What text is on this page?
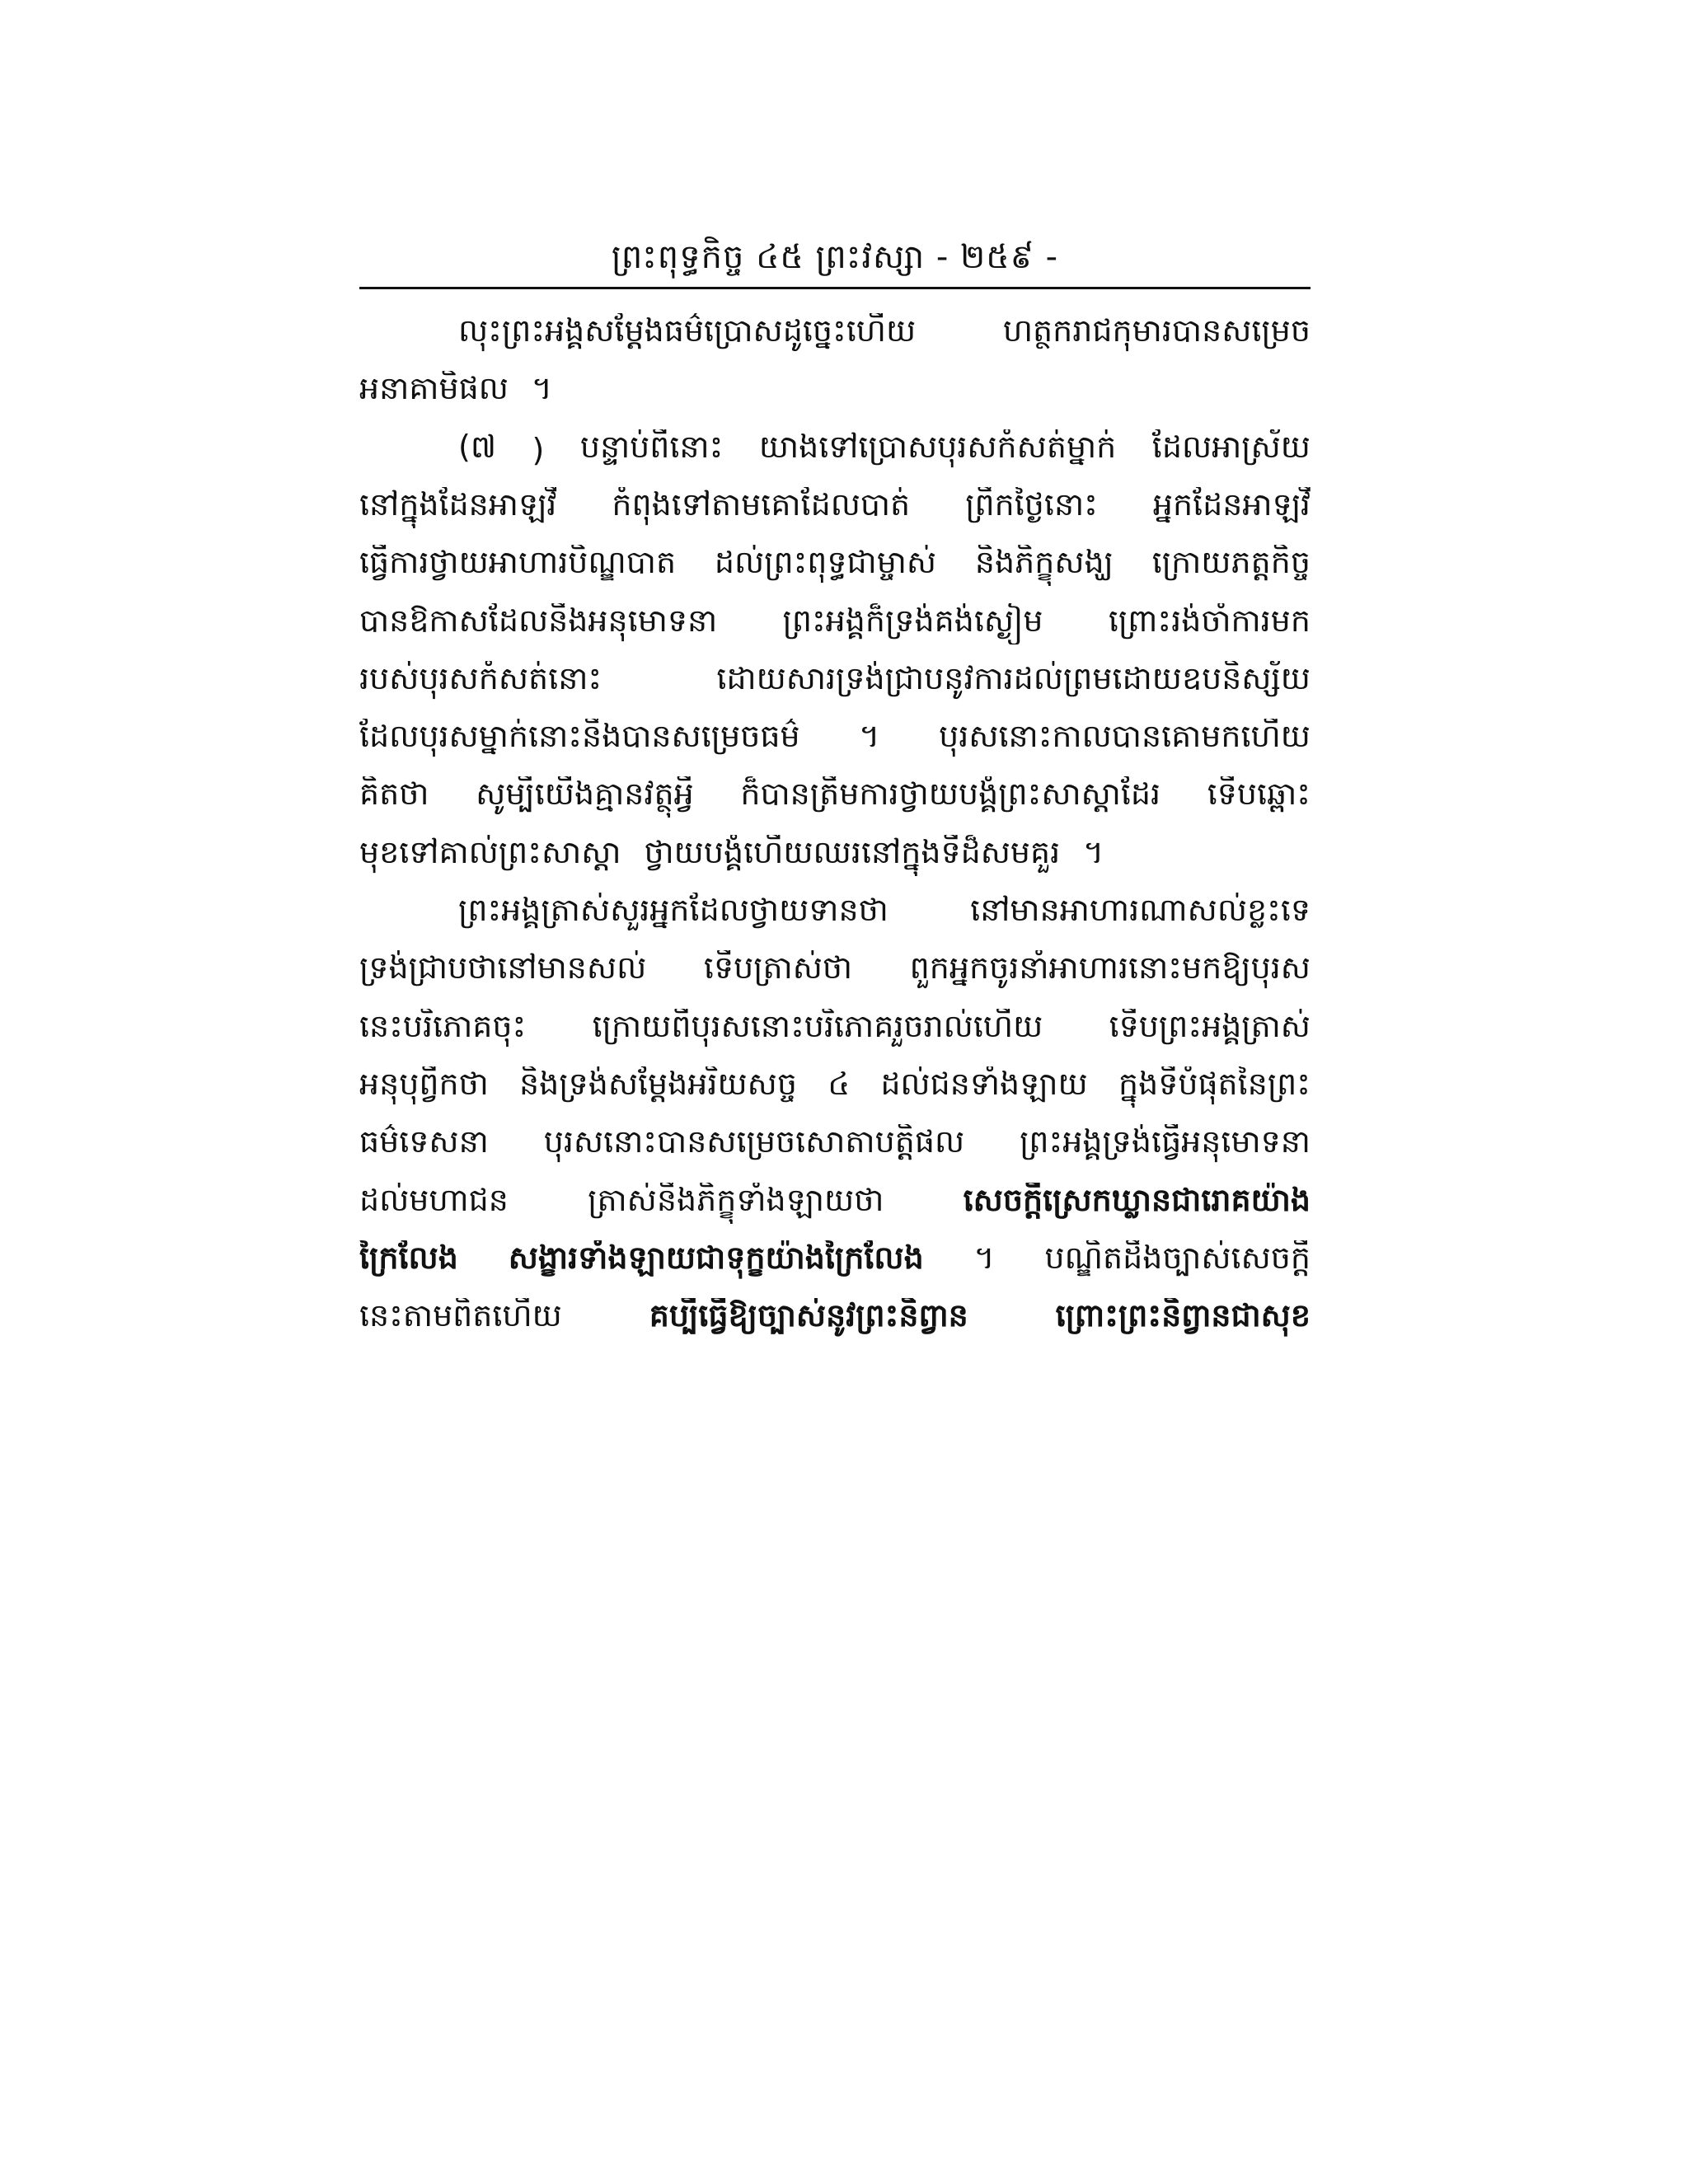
ព្រះពុទ្ធកិច្ច ៤៥ ព្រះវស្សា - ២៥៩ -
លុះព្រះអង្គសម្តែងធម៌ប្រោសដូច្នេះហើយ	ហត្ថករាជកុមារបានសម្រេច
អនាគាមិផល ។
(៧ ) បន្ទាប់ពីនោះ យាងទៅប្រោសបុរសកំសត់ម្នាក់ ដែលអាស្រ័យ
នៅក្នុងដែនអាឡវី កំពុងទៅតាមគោដែលបាត់ ព្រឹកថ្ងៃនោះ អ្នកដែនអាឡវី
ធ្វើការថ្វាយអាហារបិណ្ឌបាត ដល់ព្រះពុទ្ធជាម្ចាស់ និងភិក្ខុសង្ឃ ក្រោយភត្តកិច្ច
បានឱកាសដែលនឹងអនុមោទនា ព្រះអង្គក៏ទ្រង់គង់ស្ងៀម ព្រោះរង់ចាំការមក
របស់បុរសកំសត់នោះ	ដោយសារទ្រង់ជ្រាបនូវការដល់ព្រមដោយឧបនិស្ស័យ
ដែលបុរសម្នាក់នោះនឹងបានសម្រេចធម៌ ។ បុរសនោះកាលបានគោមកហើយ
គិតថា សូម្បីយើងគ្មានវត្ថុអ្វី ក៏បានត្រឹមការថ្វាយបង្គំព្រះសាស្តាដែរ ទើបឆ្ពោះ
មុខទៅគាល់ព្រះសាស្តា ថ្វាយបង្គំហើយឈរនៅក្នុងទីដ៏សមគួរ ។
ព្រះអង្គត្រាស់សួរអ្នកដែលថ្វាយទានថា	នៅមានអាហារណាសល់ខ្លះទេ
ទ្រង់ជ្រាបថានៅមានសល់ ទើបត្រាស់ថា ពួកអ្នកចូរនាំអាហារនោះមកឱ្យបុរស
នេះបរិភោគចុះ ក្រោយពីបុរសនោះបរិភោគរួចរាល់ហើយ ទើបព្រះអង្គត្រាស់
អនុបុព្វីកថា និងទ្រង់សម្តែងអរិយសច្ច ៤ ដល់ជនទាំងឡាយ ក្នុងទីបំផុតនៃព្រះ
ធម៌ទេសនា បុរសនោះបានសម្រេចសោតាបត្តិផល ព្រះអង្គទ្រង់ធ្វើអនុមោទនា
ដល់មហាជន	ត្រាស់នឹងភិក្ខុទាំងឡាយថា	សេចក្តីស្រេកឃ្លានជារោគយ៉ាង
ក្រៃលែង សង្ខារទាំងឡាយជាទុក្ខយ៉ាងក្រៃលែង ។ បណ្ឌិតដឹងច្បាស់សេចក្តី
នេះតាមពិតហើយ	គប្បីធ្វើឱ្យច្បាស់នូវព្រះនិព្វាន	ព្រោះព្រះនិព្វានជាសុខ
